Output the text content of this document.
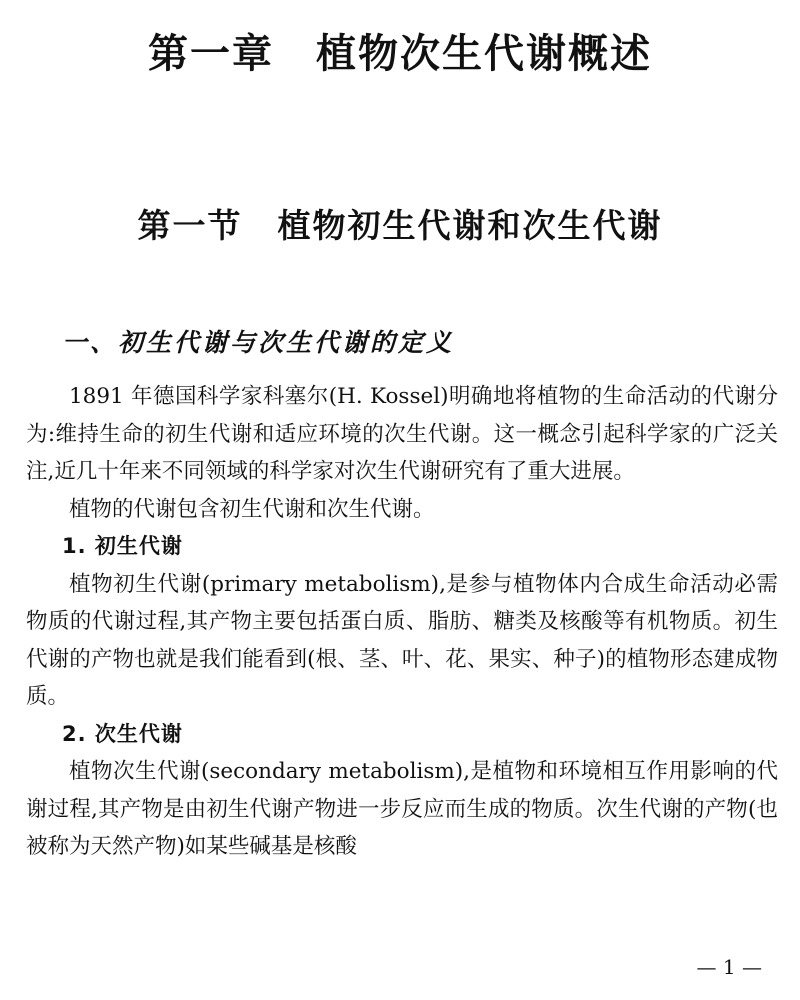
第一章　植物次生代谢概述
第一节　植物初生代谢和次生代谢
一、初生代谢与次生代谢的定义

1891 年德国科学家科塞尔(H. Kossel)明确地将植物的生命活动的代谢分为:维持生命的初生代谢和适应环境的次生代谢。这一概念引起科学家的广泛关注,近几十年来不同领域的科学家对次生代谢研究有了重大进展。

植物的代谢包含初生代谢和次生代谢。

1. 初生代谢

植物初生代谢(primary metabolism),是参与植物体内合成生命活动必需物质的代谢过程,其产物主要包括蛋白质、脂肪、糖类及核酸等有机物质。初生代谢的产物也就是我们能看到(根、茎、叶、花、果实、种子)的植物形态建成物质。

2. 次生代谢

植物次生代谢(secondary metabolism),是植物和环境相互作用影响的代谢过程,其产物是由初生代谢产物进一步反应而生成的物质。次生代谢的产物(也被称为天然产物)如某些碱基是核酸

— 1 —
